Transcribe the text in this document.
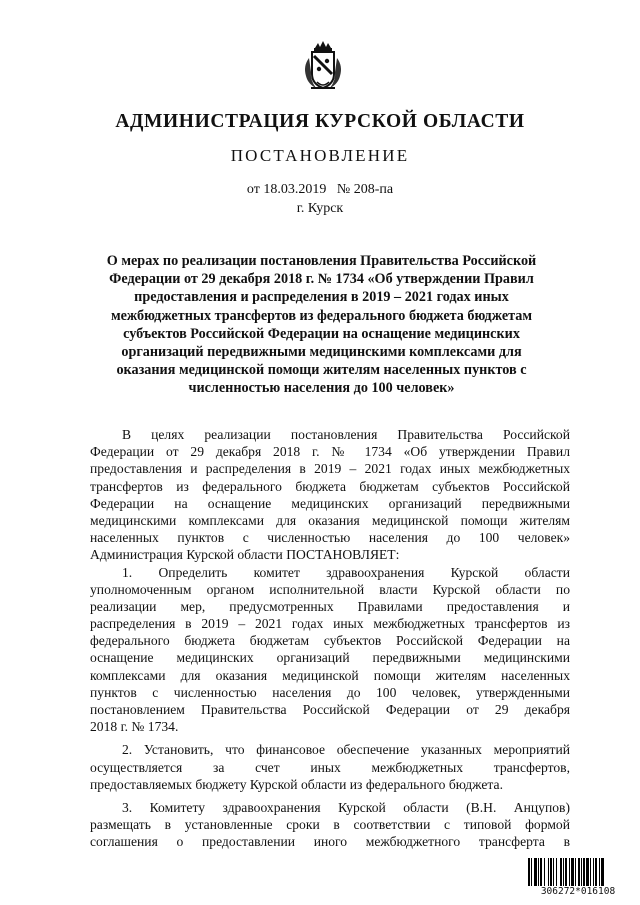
АДМИНИСТРАЦИЯ КУРСКОЙ ОБЛАСТИ
ПОСТАНОВЛЕНИЕ
от 18.03.2019   № 208-па
г. Курск
О мерах по реализации постановления Правительства Российской
Федерации от 29 декабря 2018 г. № 1734 «Об утверждении Правил
предоставления и распределения в 2019 – 2021 годах иных
межбюджетных трансфертов из федерального бюджета бюджетам
субъектов Российской Федерации на оснащение медицинских
организаций передвижными медицинскими комплексами для
оказания медицинской помощи жителям населенных пунктов с
численностью населения до 100 человек»
В целях реализации постановления Правительства Российской
Федерации от 29 декабря 2018 г. № 1734 «Об утверждении Правил
предоставления и распределения в 2019 – 2021 годах иных межбюджетных
трансфертов из федерального бюджета бюджетам субъектов Российской
Федерации на оснащение медицинских организаций передвижными
медицинскими комплексами для оказания медицинской помощи жителям
населенных пунктов с численностью населения до 100 человек»
Администрация Курской области ПОСТАНОВЛЯЕТ:
1. Определить комитет здравоохранения Курской области
уполномоченным органом исполнительной власти Курской области по
реализации мер, предусмотренных Правилами предоставления и
распределения в 2019 – 2021 годах иных межбюджетных трансфертов из
федерального бюджета бюджетам субъектов Российской Федерации на
оснащение медицинских организаций передвижными медицинскими
комплексами для оказания медицинской помощи жителям населенных
пунктов с численностью населения до 100 человек, утвержденными
постановлением Правительства Российской Федерации от 29 декабря
2018 г. № 1734.
2. Установить, что финансовое обеспечение указанных мероприятий
осуществляется за счет иных межбюджетных трансфертов,
предоставляемых бюджету Курской области из федерального бюджета.
3. Комитету здравоохранения Курской области (В.Н. Анцупов)
размещать в установленные сроки в соответствии с типовой формой
соглашения о предоставлении иного межбюджетного трансферта в
306272*016108
